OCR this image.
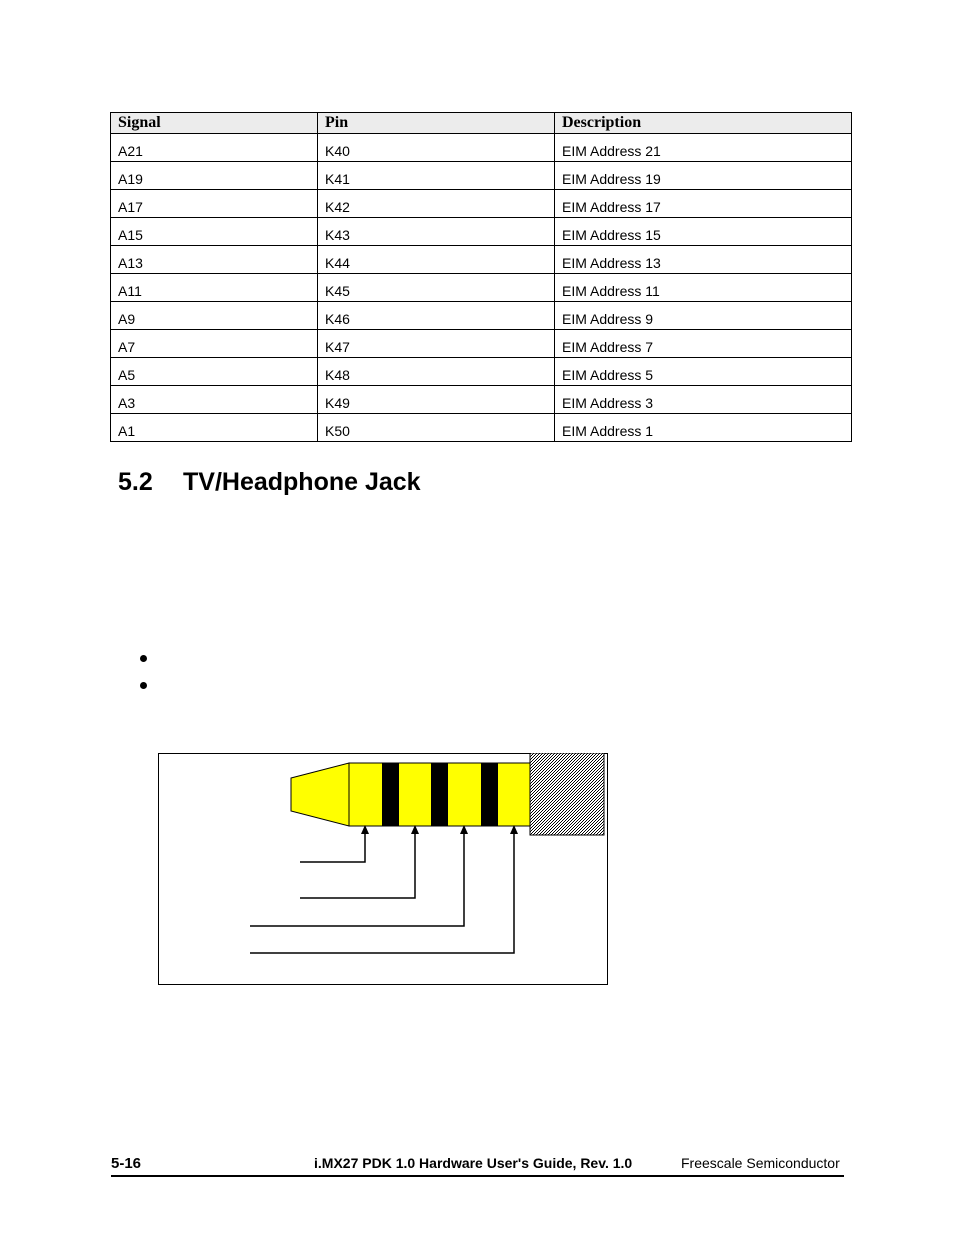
Signal	Pin	Description

A21	K40	EIM Address 21

A19	K41	EIM Address 19

A17	K42	EIM Address 17

A15	K43	EIM Address 15

A13	K44	EIM Address 13

A11	K45	EIM Address 11

A9	K46	EIM Address 9

A7	K47	EIM Address 7

A5	K48	EIM Address 5

A3	K49	EIM Address 3

A1	K50	EIM Address 1
5.2 TV/Headphone Jack
5-16	i.MX27 PDK 1.0 Hardware User's Guide, Rev. 1.0	Freescale Semiconductor
